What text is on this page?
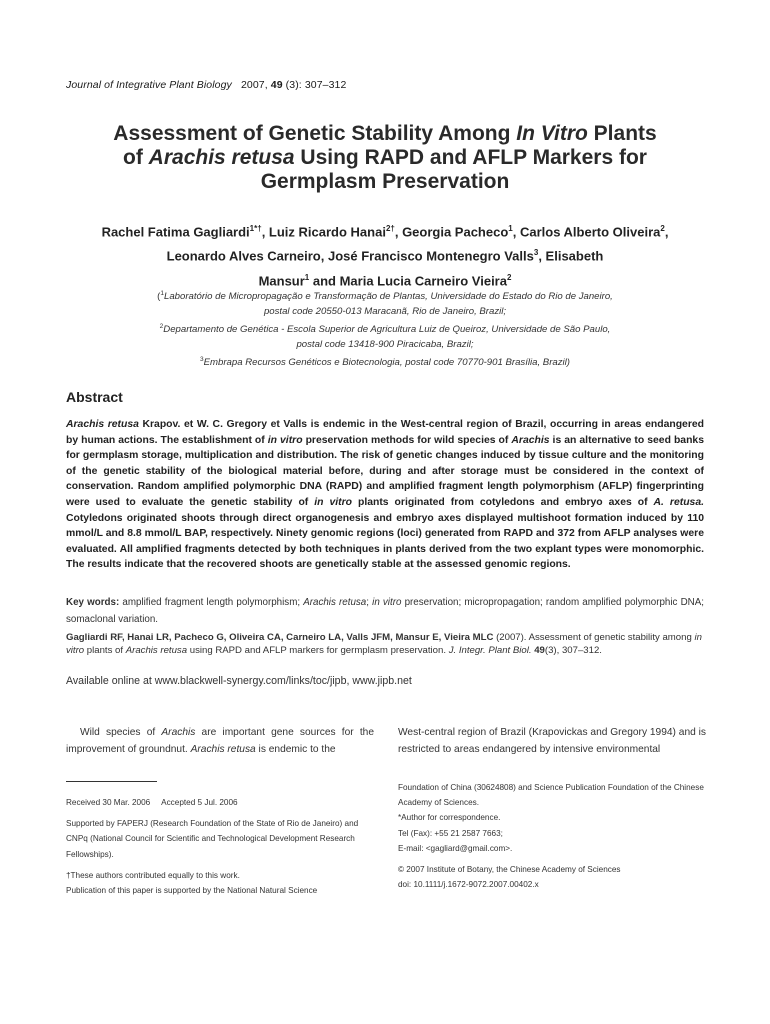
Journal of Integrative Plant Biology 2007, 49 (3): 307–312

Assessment of Genetic Stability Among In Vitro Plants

of Arachis retusa Using RAPD and AFLP Markers for

Germplasm Preservation

Rachel Fatima Gagliardi$^{1*\dagger}$, Luiz Ricardo Hanai$^{2\dagger}$, Georgia Pacheco$^1$, Carlos Alberto Oliveira$^2$,

Leonardo Alves Carneiro, José Francisco Montenegro Valls$^3$, Elisabeth

Mansur$^1$ and Maria Lucia Carneiro Vieira$^2$

($^1$Laboratório de Micropropagação e Transformação de Plantas, Universidade do Estado do Rio de Janeiro,

postal code 20550-013 Maracanã, Rio de Janeiro, Brazil;

$^2$Departamento de Genética - Escola Superior de Agricultura Luiz de Queiroz, Universidade de São Paulo,

postal code 13418-900 Piracicaba, Brazil;

$^3$Embrapa Recursos Genéticos e Biotecnologia, postal code 70770-901 Brasília, Brazil)

Abstract

Arachis retusa Krapov. et W. C. Gregory et Valls is endemic in the West-central region of Brazil, occurring in areas endangered by human actions. The establishment of in vitro preservation methods for wild species of Arachis is an alternative to seed banks for germplasm storage, multiplication and distribution. The risk of genetic changes induced by tissue culture and the monitoring of the genetic stability of the biological material before, during and after storage must be considered in the context of conservation. Random amplified polymorphic DNA (RAPD) and amplified fragment length polymorphism (AFLP) fingerprinting were used to evaluate the genetic stability of in vitro plants originated from cotyledons and embryo axes of A. retusa. Cotyledons originated shoots through direct organogenesis and embryo axes displayed multishoot formation induced by 110 mmol/L and 8.8 mmol/L BAP, respectively. Ninety genomic regions (loci) generated from RAPD and 372 from AFLP analyses were evaluated. All amplified fragments detected by both techniques in plants derived from the two explant types were monomorphic. The results indicate that the recovered shoots are genetically stable at the assessed genomic regions.

Key words: amplified fragment length polymorphism; Arachis retusa; in vitro preservation; micropropagation; random amplified polymorphic DNA; somaclonal variation.

Gagliardi RF, Hanai LR, Pacheco G, Oliveira CA, Carneiro LA, Valls JFM, Mansur E, Vieira MLC (2007). Assessment of genetic stability among in vitro plants of Arachis retusa using RAPD and AFLP markers for germplasm preservation. J. Integr. Plant Biol. 49(3), 307–312.

Available online at www.blackwell-synergy.com/links/toc/jipb, www.jipb.net

Wild species of Arachis are important gene sources for the improvement of groundnut. Arachis retusa is endemic to the

West-central region of Brazil (Krapovickas and Gregory 1994) and is restricted to areas endangered by intensive environmental

Received 30 Mar. 2006     Accepted 5 Jul. 2006

Supported by FAPERJ (Research Foundation of the State of Rio de Janeiro) and CNPq (National Council for Scientific and Technological Development Research Fellowships).

†These authors contributed equally to this work.

Publication of this paper is supported by the National Natural Science

Foundation of China (30624808) and Science Publication Foundation of the Chinese Academy of Sciences.

*Author for correspondence.

Tel (Fax): +55 21 2587 7663;

E-mail: <gagliard@gmail.com>.

© 2007 Institute of Botany, the Chinese Academy of Sciences

doi: 10.1111/j.1672-9072.2007.00402.x
